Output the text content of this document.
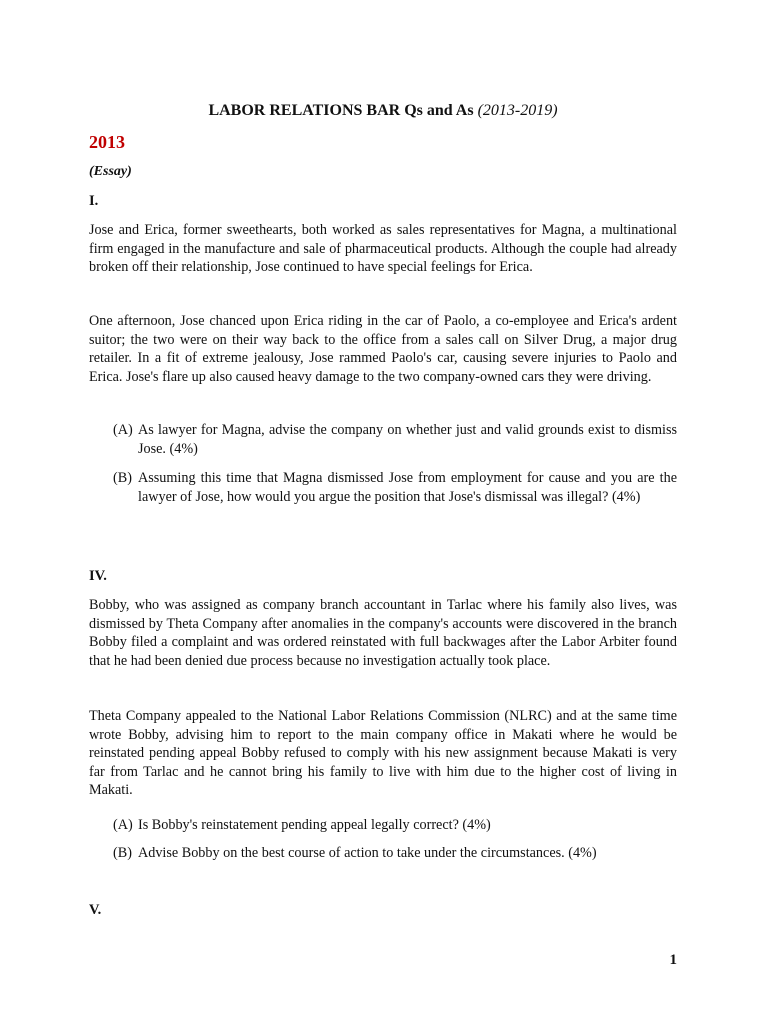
LABOR RELATIONS BAR Qs and As (2013-2019)
2013
(Essay)
I.
Jose and Erica, former sweethearts, both worked as sales representatives for Magna, a multinational firm engaged in the manufacture and sale of pharmaceutical products. Although the couple had already broken off their relationship, Jose continued to have special feelings for Erica.
One afternoon, Jose chanced upon Erica riding in the car of Paolo, a co-employee and Erica's ardent suitor; the two were on their way back to the office from a sales call on Silver Drug, a major drug retailer. In a fit of extreme jealousy, Jose rammed Paolo's car, causing severe injuries to Paolo and Erica. Jose's flare up also caused heavy damage to the two company-owned cars they were driving.
(A) As lawyer for Magna, advise the company on whether just and valid grounds exist to dismiss Jose. (4%)
(B) Assuming this time that Magna dismissed Jose from employment for cause and you are the lawyer of Jose, how would you argue the position that Jose's dismissal was illegal? (4%)
IV.
Bobby, who was assigned as company branch accountant in Tarlac where his family also lives, was dismissed by Theta Company after anomalies in the company's accounts were discovered in the branch Bobby filed a complaint and was ordered reinstated with full backwages after the Labor Arbiter found that he had been denied due process because no investigation actually took place.
Theta Company appealed to the National Labor Relations Commission (NLRC) and at the same time wrote Bobby, advising him to report to the main company office in Makati where he would be reinstated pending appeal Bobby refused to comply with his new assignment because Makati is very far from Tarlac and he cannot bring his family to live with him due to the higher cost of living in Makati.
(A) Is Bobby's reinstatement pending appeal legally correct? (4%)
(B) Advise Bobby on the best course of action to take under the circumstances. (4%)
V.
1
